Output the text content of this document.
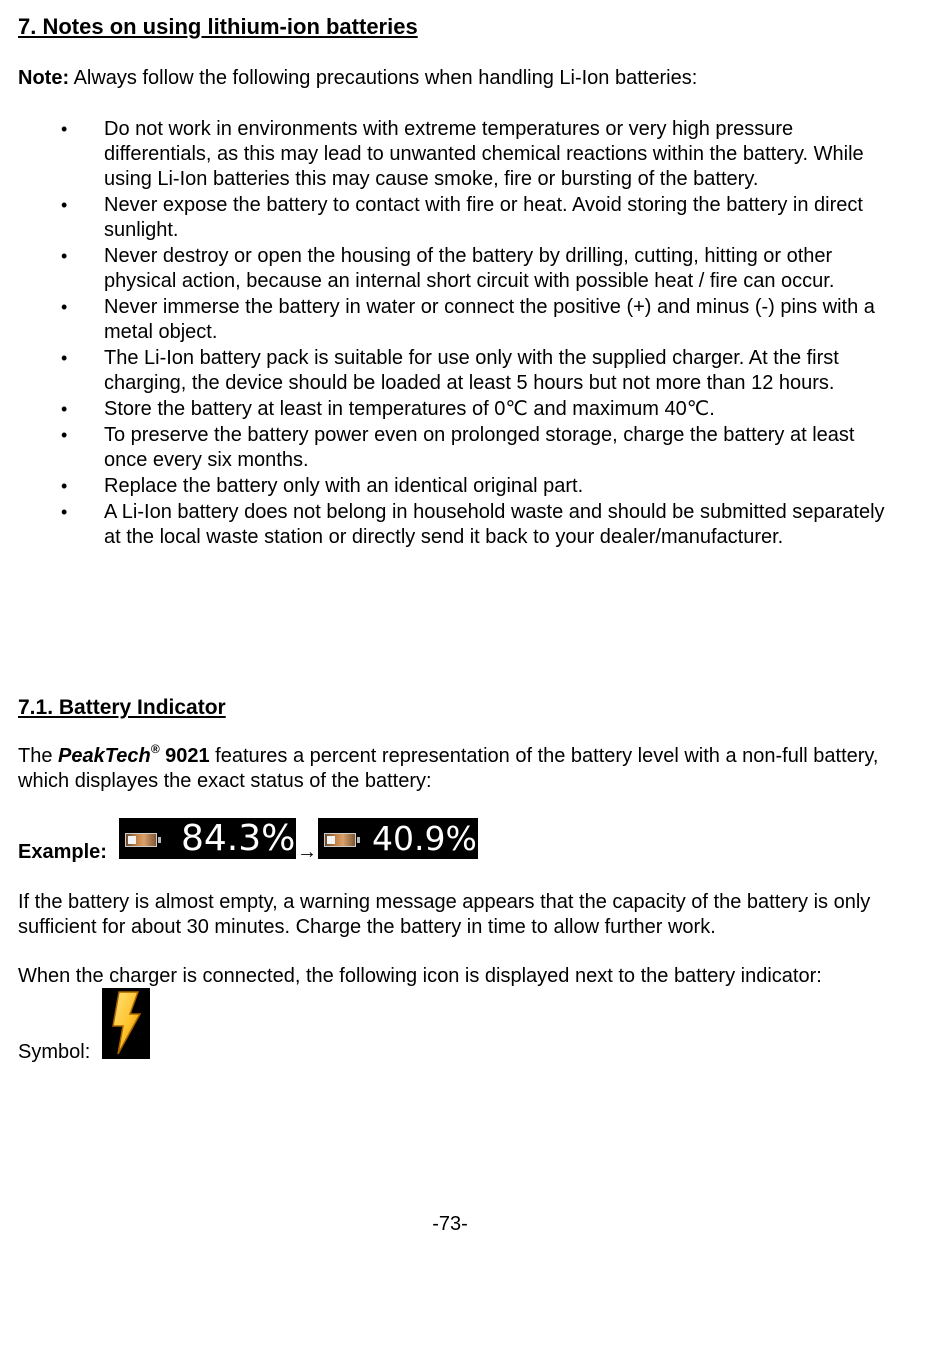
7. Notes on using lithium-ion batteries
Note: Always follow the following precautions when handling Li-Ion batteries:
• Do not work in environments with extreme temperatures or very high pressure differentials, as this may lead to unwanted chemical reactions within the battery. While using Li-Ion batteries this may cause smoke, fire or bursting of the battery.
• Never expose the battery to contact with fire or heat. Avoid storing the battery in direct sunlight.
• Never destroy or open the housing of the battery by drilling, cutting, hitting or other physical action, because an internal short circuit with possible heat / fire can occur.
• Never immerse the battery in water or connect the positive (+) and minus (-) pins with a metal object.
• The Li-Ion battery pack is suitable for use only with the supplied charger. At the first charging, the device should be loaded at least 5 hours but not more than 12 hours.
• Store the battery at least in temperatures of 0℃ and maximum 40℃.
• To preserve the battery power even on prolonged storage, charge the battery at least once every six months.
• Replace the battery only with an identical original part.
• A Li-Ion battery does not belong in household waste and should be submitted separately at the local waste station or directly send it back to your dealer/manufacturer.
7.1. Battery Indicator
The PeakTech® 9021 features a percent representation of the battery level with a non-full battery, which displayes the exact status of the battery:
Example: 84.3% → 40.9%
If the battery is almost empty, a warning message appears that the capacity of the battery is only sufficient for about 30 minutes. Charge the battery in time to allow further work.
When the charger is connected, the following icon is displayed next to the battery indicator:
Symbol:
-73-
